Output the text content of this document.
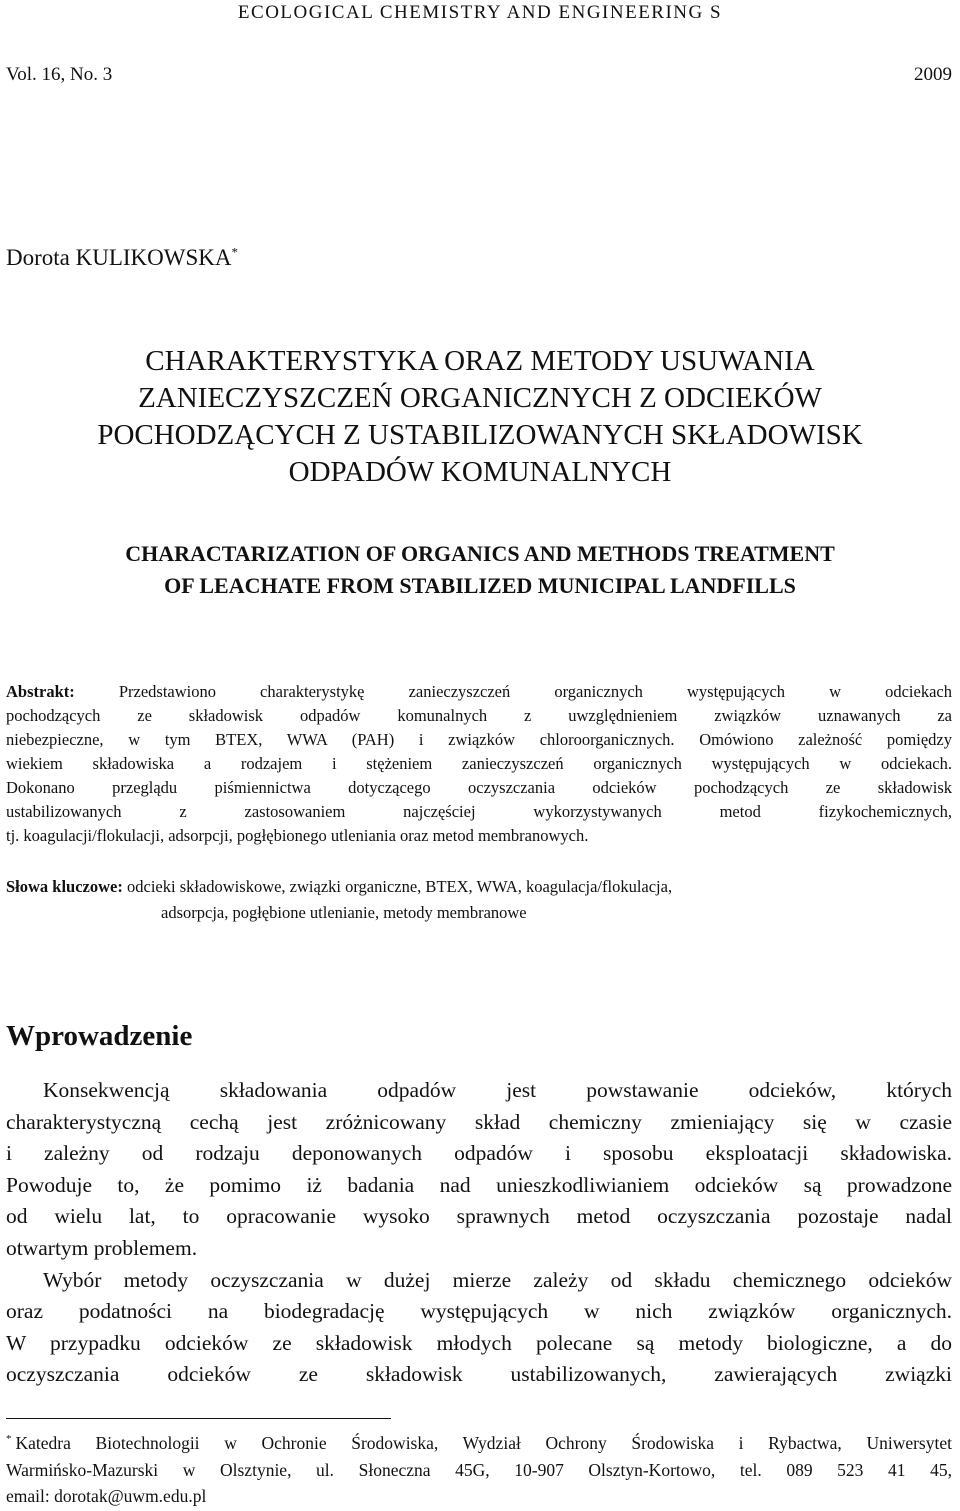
ECOLOGICAL CHEMISTRY AND ENGINEERING S
Vol. 16, No. 3	2009
Dorota KULIKOWSKA*
CHARAKTERYSTYKA ORAZ METODY USUWANIA
ZANIECZYSZCZEŃ ORGANICZNYCH Z ODCIEKÓW
POCHODZĄCYCH Z USTABILIZOWANYCH SKŁADOWISK
ODPADÓW KOMUNALNYCH
CHARACTARIZATION OF ORGANICS AND METHODS TREATMENT
OF LEACHATE FROM STABILIZED MUNICIPAL LANDFILLS
Abstrakt: Przedstawiono charakterystykę zanieczyszczeń organicznych występujących w odciekach
pochodzących ze składowisk odpadów komunalnych z uwzględnieniem związków uznawanych za
niebezpieczne, w tym BTEX, WWA (PAH) i związków chloroorganicznych. Omówiono zależność pomiędzy
wiekiem składowiska a rodzajem i stężeniem zanieczyszczeń organicznych występujących w odciekach.
Dokonano przeglądu piśmiennictwa dotyczącego oczyszczania odcieków pochodzących ze składowisk
ustabilizowanych z zastosowaniem najczęściej wykorzystywanych metod fizykochemicznych,
tj. koagulacji/flokulacji, adsorpcji, pogłębionego utleniania oraz metod membranowych.
Słowa kluczowe: odcieki składowiskowe, związki organiczne, BTEX, WWA, koagulacja/flokulacja,
adsorpcja, pogłębione utlenianie, metody membranowe
Wprowadzenie
Konsekwencją składowania odpadów jest powstawanie odcieków, których
charakterystyczną cechą jest zróżnicowany skład chemiczny zmieniający się w czasie
i zależny od rodzaju deponowanych odpadów i sposobu eksploatacji składowiska.
Powoduje to, że pomimo iż badania nad unieszkodliwianiem odcieków są prowadzone
od wielu lat, to opracowanie wysoko sprawnych metod oczyszczania pozostaje nadal
otwartym problemem.
Wybór metody oczyszczania w dużej mierze zależy od składu chemicznego odcieków
oraz podatności na biodegradację występujących w nich związków organicznych.
W przypadku odcieków ze składowisk młodych polecane są metody biologiczne, a do
oczyszczania odcieków ze składowisk ustabilizowanych, zawierających związki
* Katedra Biotechnologii w Ochronie Środowiska, Wydział Ochrony Środowiska i Rybactwa, Uniwersytet
Warmińsko-Mazurski w Olsztynie, ul. Słoneczna 45G, 10-907 Olsztyn-Kortowo, tel. 089 523 41 45,
email: dorotak@uwm.edu.pl
